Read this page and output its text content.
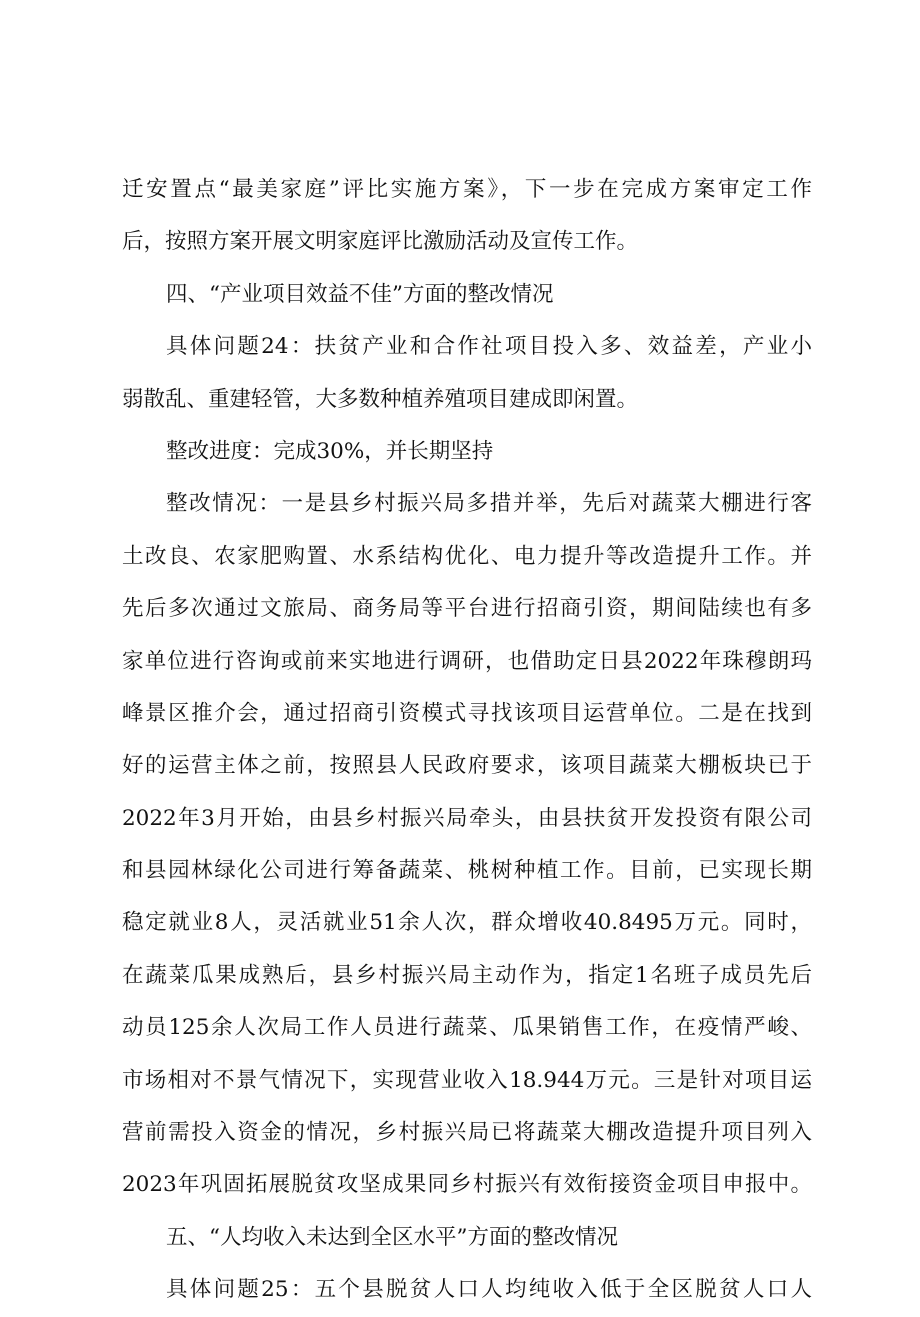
迁安置点“最美家庭”评比实施方案》，下一步在完成方案审定工作
后，按照方案开展文明家庭评比激励活动及宣传工作。
四、“产业项目效益不佳”方面的整改情况
具体问题24：扶贫产业和合作社项目投入多、效益差，产业小
弱散乱、重建轻管，大多数种植养殖项目建成即闲置。
整改进度：完成30%，并长期坚持
整改情况：一是县乡村振兴局多措并举，先后对蔬菜大棚进行客
土改良、农家肥购置、水系结构优化、电力提升等改造提升工作。并
先后多次通过文旅局、商务局等平台进行招商引资，期间陆续也有多
家单位进行咨询或前来实地进行调研，也借助定日县2022年珠穆朗玛
峰景区推介会，通过招商引资模式寻找该项目运营单位。二是在找到
好的运营主体之前，按照县人民政府要求，该项目蔬菜大棚板块已于
2022年3月开始，由县乡村振兴局牵头，由县扶贫开发投资有限公司
和县园林绿化公司进行筹备蔬菜、桃树种植工作。目前，已实现长期
稳定就业8人，灵活就业51余人次，群众增收40.8495万元。同时，
在蔬菜瓜果成熟后，县乡村振兴局主动作为，指定1名班子成员先后
动员125余人次局工作人员进行蔬菜、瓜果销售工作，在疫情严峻、
市场相对不景气情况下，实现营业收入18.944万元。三是针对项目运
营前需投入资金的情况，乡村振兴局已将蔬菜大棚改造提升项目列入
2023年巩固拓展脱贫攻坚成果同乡村振兴有效衔接资金项目申报中。
五、“人均收入未达到全区水平”方面的整改情况
具体问题25：五个县脱贫人口人均纯收入低于全区脱贫人口人
